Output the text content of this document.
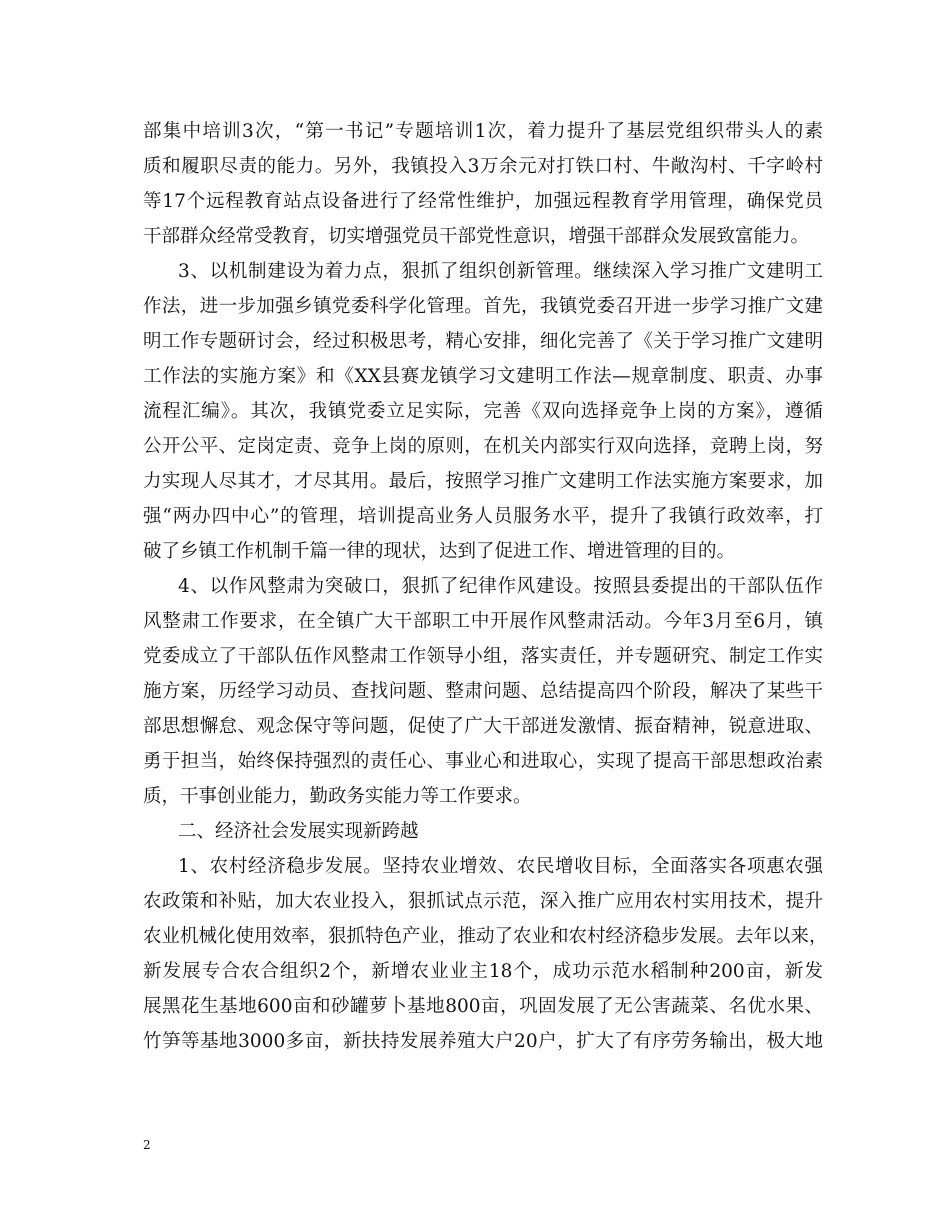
部集中培训3次，“第一书记”专题培训1次，着力提升了基层党组织带头人的素
质和履职尽责的能力。另外，我镇投入3万余元对打铁口村、牛敞沟村、千字岭村
等17个远程教育站点设备进行了经常性维护，加强远程教育学用管理，确保党员
干部群众经常受教育，切实增强党员干部党性意识，增强干部群众发展致富能力。
3、以机制建设为着力点，狠抓了组织创新管理。继续深入学习推广文建明工
作法，进一步加强乡镇党委科学化管理。首先，我镇党委召开进一步学习推广文建
明工作专题研讨会，经过积极思考，精心安排，细化完善了《关于学习推广文建明
工作法的实施方案》和《XX县赛龙镇学习文建明工作法—规章制度、职责、办事
流程汇编》。其次，我镇党委立足实际，完善《双向选择竞争上岗的方案》，遵循
公开公平、定岗定责、竞争上岗的原则，在机关内部实行双向选择，竞聘上岗，努
力实现人尽其才，才尽其用。最后，按照学习推广文建明工作法实施方案要求，加
强“两办四中心”的管理，培训提高业务人员服务水平，提升了我镇行政效率，打
破了乡镇工作机制千篇一律的现状，达到了促进工作、增进管理的目的。
4、以作风整肃为突破口，狠抓了纪律作风建设。按照县委提出的干部队伍作
风整肃工作要求，在全镇广大干部职工中开展作风整肃活动。今年3月至6月，镇
党委成立了干部队伍作风整肃工作领导小组，落实责任，并专题研究、制定工作实
施方案，历经学习动员、查找问题、整肃问题、总结提高四个阶段，解决了某些干
部思想懈怠、观念保守等问题，促使了广大干部迸发激情、振奋精神，锐意进取、
勇于担当，始终保持强烈的责任心、事业心和进取心，实现了提高干部思想政治素
质，干事创业能力，勤政务实能力等工作要求。
二、经济社会发展实现新跨越
1、农村经济稳步发展。坚持农业增效、农民增收目标，全面落实各项惠农强
农政策和补贴，加大农业投入，狠抓试点示范，深入推广应用农村实用技术，提升
农业机械化使用效率，狠抓特色产业，推动了农业和农村经济稳步发展。去年以来，
新发展专合农合组织2个，新增农业业主18个，成功示范水稻制种200亩，新发
展黑花生基地600亩和砂罐萝卜基地800亩，巩固发展了无公害蔬菜、名优水果、
竹笋等基地3000多亩，新扶持发展养殖大户20户，扩大了有序劳务输出，极大地
2
